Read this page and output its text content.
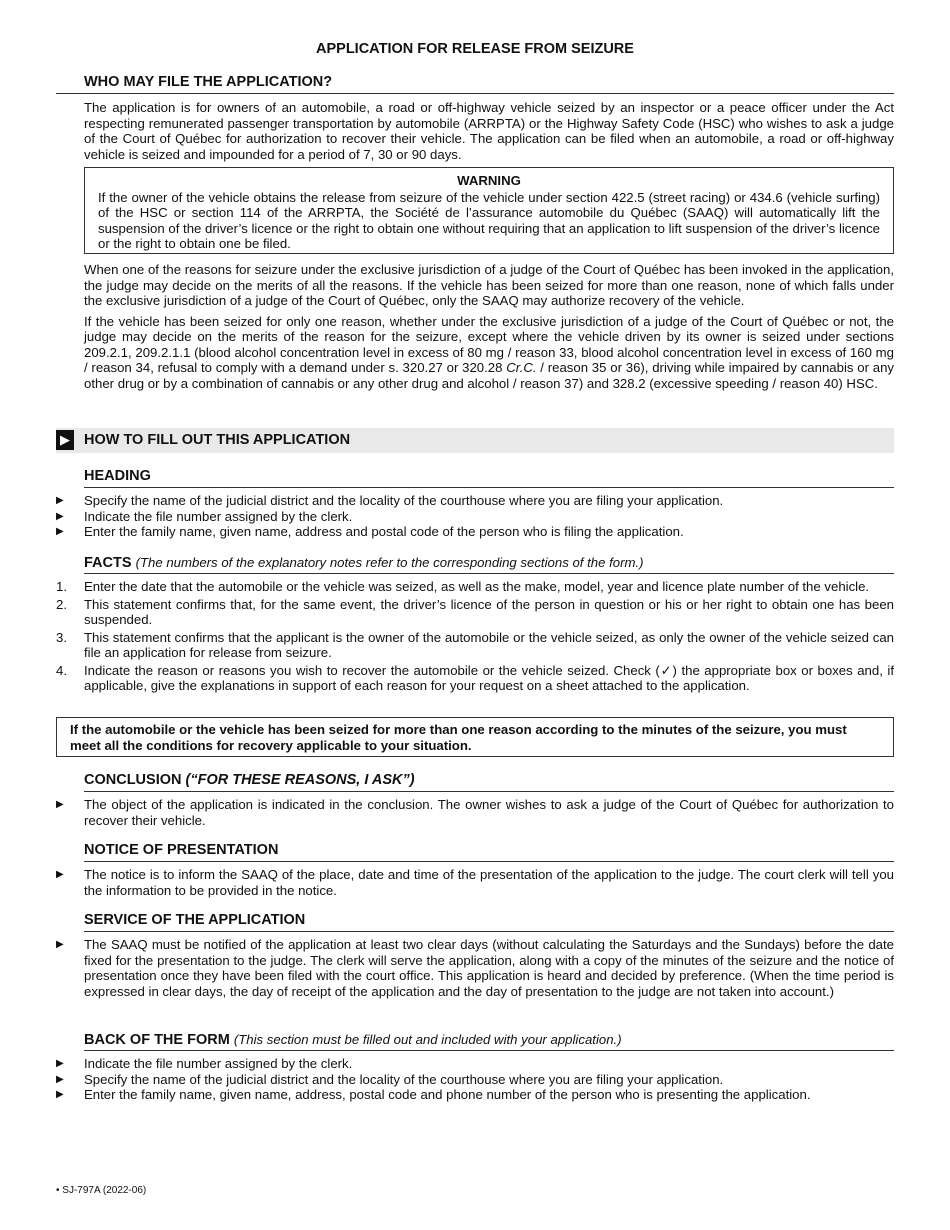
APPLICATION FOR RELEASE FROM SEIZURE
WHO MAY FILE THE APPLICATION?

The application is for owners of an automobile, a road or off-highway vehicle seized by an inspector or a peace officer under the Act respecting remunerated passenger transportation by automobile (ARRPTA) or the Highway Safety Code (HSC) who wishes to ask a judge of the Court of Québec for authorization to recover their vehicle. The application can be filed when an automobile, a road or off-highway vehicle is seized and impounded for a period of 7, 30 or 90 days.

WARNING
If the owner of the vehicle obtains the release from seizure of the vehicle under section 422.5 (street racing) or 434.6 (vehicle surfing) of the HSC or section 114 of the ARRPTA, the Société de l’assurance automobile du Québec (SAAQ) will automatically lift the suspension of the driver’s licence or the right to obtain one without requiring that an application to lift suspension of the driver’s licence or the right to obtain one be filed.

When one of the reasons for seizure under the exclusive jurisdiction of a judge of the Court of Québec has been invoked in the application, the judge may decide on the merits of all the reasons. If the vehicle has been seized for more than one reason, none of which falls under the exclusive jurisdiction of a judge of the Court of Québec, only the SAAQ may authorize recovery of the vehicle.

If the vehicle has been seized for only one reason, whether under the exclusive jurisdiction of a judge of the Court of Québec or not, the judge may decide on the merits of the reason for the seizure, except where the vehicle driven by its owner is seized under sections 209.2.1, 209.2.1.1 (blood alcohol concentration level in excess of 80 mg / reason 33, blood alcohol concentration level in excess of 160 mg / reason 34, refusal to comply with a demand under s. 320.27 or 320.28 Cr.C. / reason 35 or 36), driving while impaired by cannabis or any other drug or by a combination of cannabis or any other drug and alcohol / reason 37) and 328.2 (excessive speeding / reason 40) HSC.

▶ HOW TO FILL OUT THIS APPLICATION
HEADING
▶ Specify the name of the judicial district and the locality of the courthouse where you are filing your application.
▶ Indicate the file number assigned by the clerk.
▶ Enter the family name, given name, address and postal code of the person who is filing the application.
FACTS (The numbers of the explanatory notes refer to the corresponding sections of the form.)
1. Enter the date that the automobile or the vehicle was seized, as well as the make, model, year and licence plate number of the vehicle.
2. This statement confirms that, for the same event, the driver’s licence of the person in question or his or her right to obtain one has been suspended.
3. This statement confirms that the applicant is the owner of the automobile or the vehicle seized, as only the owner of the vehicle seized can file an application for release from seizure.
4. Indicate the reason or reasons you wish to recover the automobile or the vehicle seized. Check (✓) the appropriate box or boxes and, if applicable, give the explanations in support of each reason for your request on a sheet attached to the application.
If the automobile or the vehicle has been seized for more than one reason according to the minutes of the seizure, you must meet all the conditions for recovery applicable to your situation.
CONCLUSION (“FOR THESE REASONS, I ASK”)
▶ The object of the application is indicated in the conclusion. The owner wishes to ask a judge of the Court of Québec for authorization to recover their vehicle.
NOTICE OF PRESENTATION
▶ The notice is to inform the SAAQ of the place, date and time of the presentation of the application to the judge. The court clerk will tell you the information to be provided in the notice.
SERVICE OF THE APPLICATION
▶ The SAAQ must be notified of the application at least two clear days (without calculating the Saturdays and the Sundays) before the date fixed for the presentation to the judge. The clerk will serve the application, along with a copy of the minutes of the seizure and the notice of presentation once they have been filed with the court office. This application is heard and decided by preference. (When the time period is expressed in clear days, the day of receipt of the application and the day of presentation to the judge are not taken into account.)
BACK OF THE FORM (This section must be filled out and included with your application.)
▶ Indicate the file number assigned by the clerk.
▶ Specify the name of the judicial district and the locality of the courthouse where you are filing your application.
▶ Enter the family name, given name, address, postal code and phone number of the person who is presenting the application.
• SJ-797A (2022-06)
